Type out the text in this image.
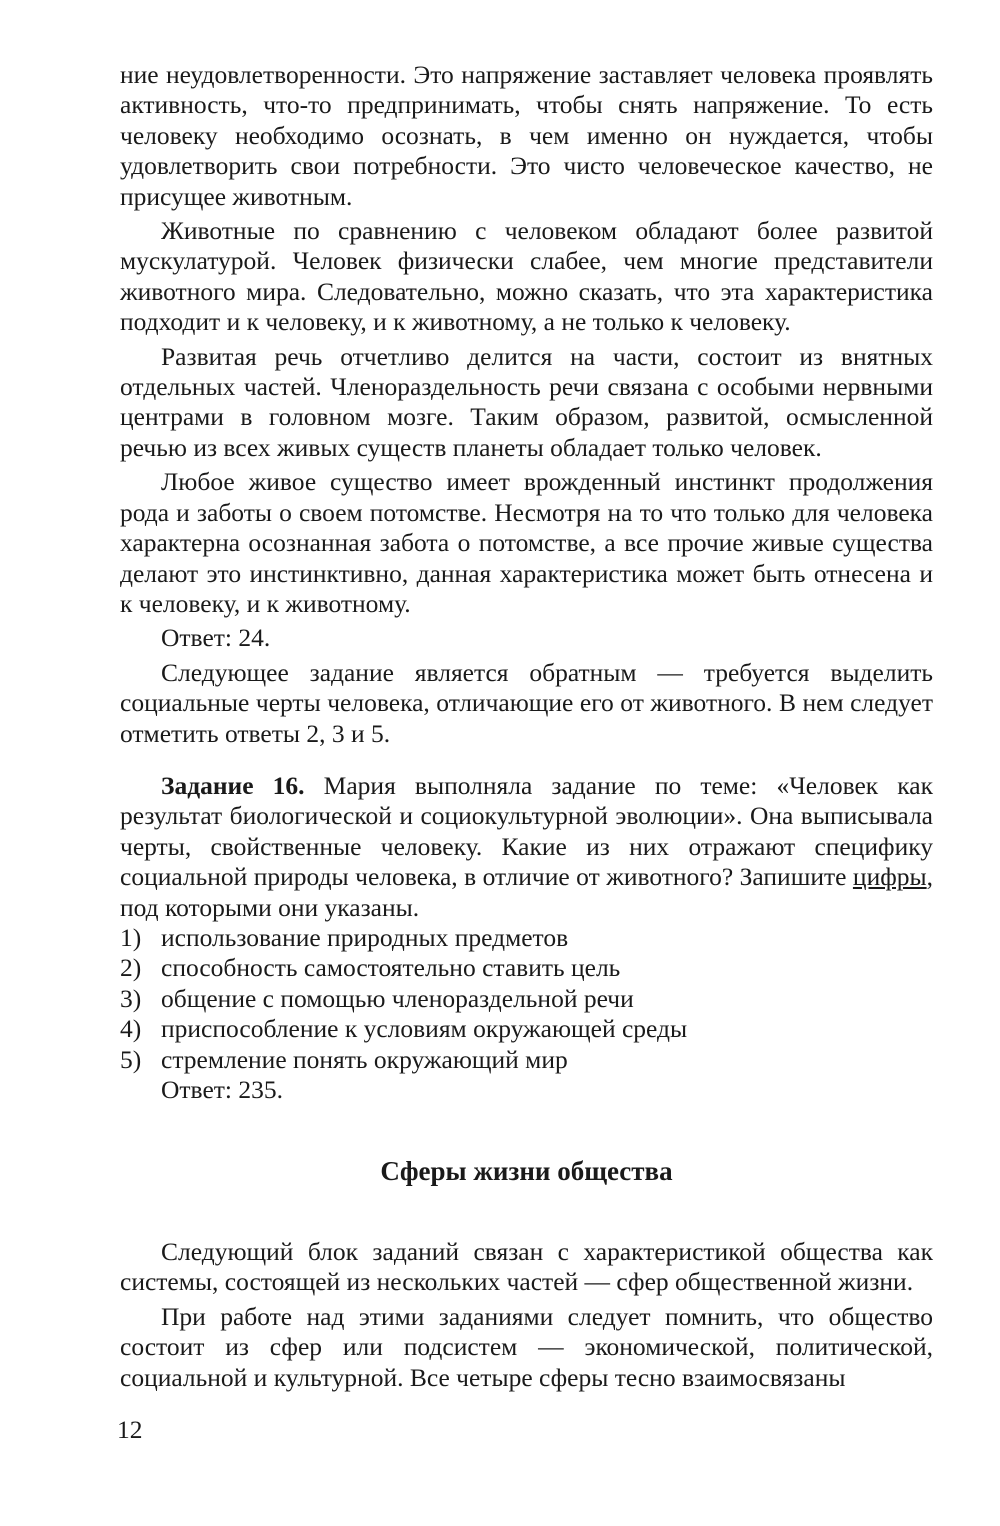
ние неудовлетворенности. Это напряжение заставляет человека проявлять активность, что-то предпринимать, чтобы снять напряжение. То есть человеку необходимо осознать, в чем именно он нуждается, чтобы удовлетворить свои потребности. Это чисто человеческое качество, не присущее животным.

Животные по сравнению с человеком обладают более развитой мускулатурой. Человек физически слабее, чем многие представители животного мира. Следовательно, можно сказать, что эта характеристика подходит и к человеку, и к животному, а не только к человеку.

Развитая речь отчетливо делится на части, состоит из внятных отдельных частей. Членораздельность речи связана с особыми нервными центрами в головном мозге. Таким образом, развитой, осмысленной речью из всех живых существ планеты обладает только человек.

Любое живое существо имеет врожденный инстинкт продолжения рода и заботы о своем потомстве. Несмотря на то что только для человека характерна осознанная забота о потомстве, а все прочие живые существа делают это инстинктивно, данная характеристика может быть отнесена и к человеку, и к животному.

Ответ: 24.

Следующее задание является обратным — требуется выделить социальные черты человека, отличающие его от животного. В нем следует отметить ответы 2, 3 и 5.

Задание 16. Мария выполняла задание по теме: «Человек как результат биологической и социокультурной эволюции». Она выписывала черты, свойственные человеку. Какие из них отражают специфику социальной природы человека, в отличие от животного? Запишите цифры, под которыми они указаны.

1) использование природных предметов
2) способность самостоятельно ставить цель
3) общение с помощью членораздельной речи
4) приспособление к условиям окружающей среды
5) стремление понять окружающий мир

Ответ: 235.

Сферы жизни общества

Следующий блок заданий связан с характеристикой общества как системы, состоящей из нескольких частей — сфер общественной жизни.

При работе над этими заданиями следует помнить, что общество состоит из сфер или подсистем — экономической, политической, социальной и культурной. Все четыре сферы тесно взаимосвязаны

12
